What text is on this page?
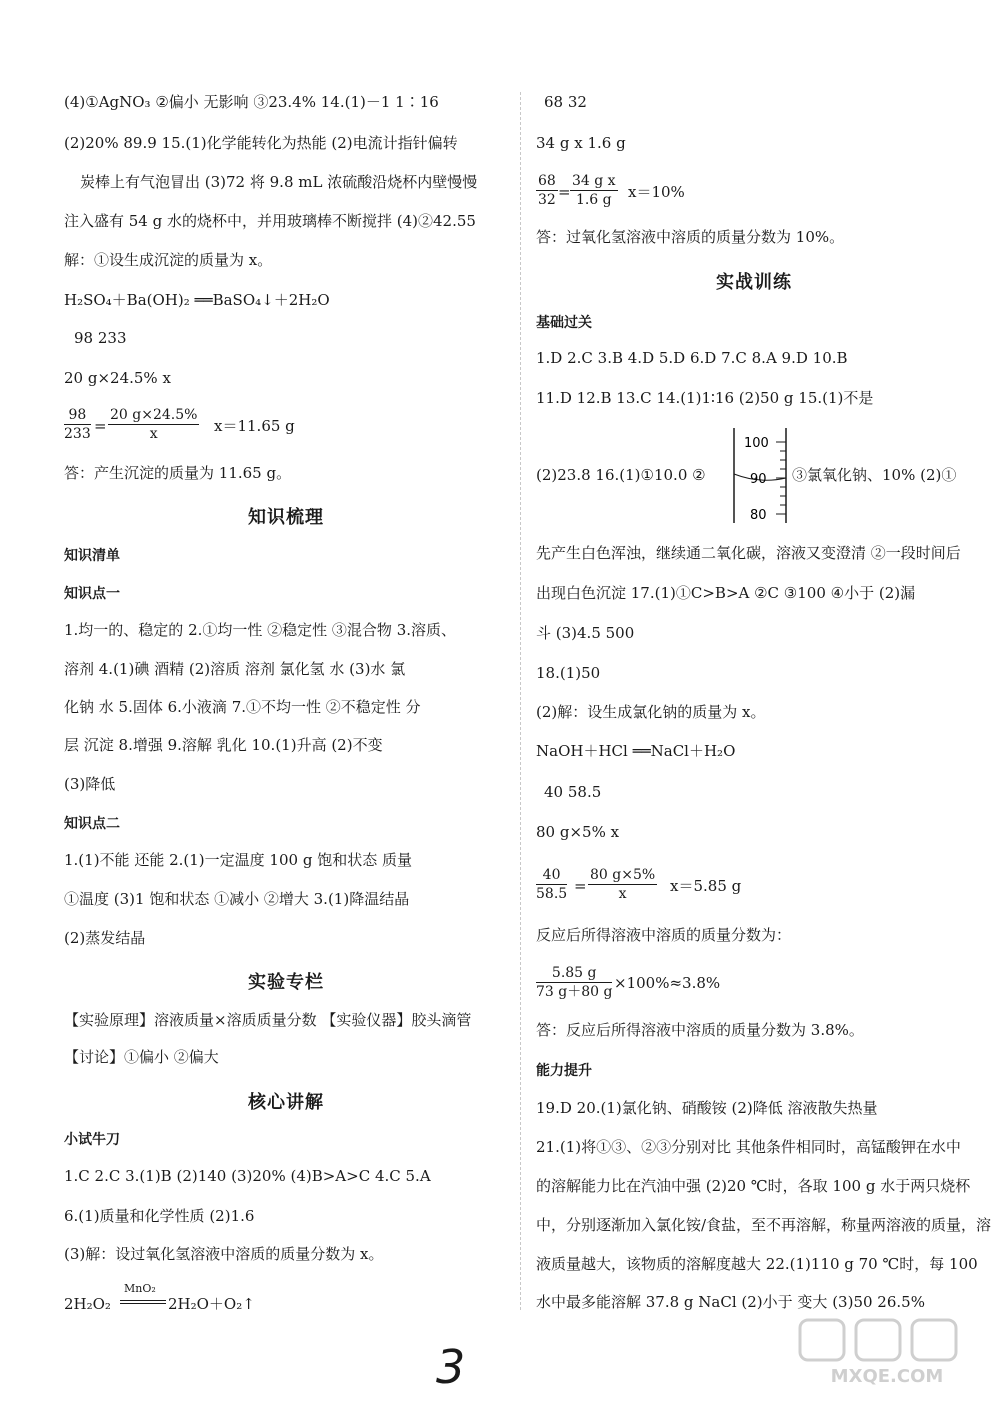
(4)①AgNO₃ ②偏小 无影响 ③23.4% 14.(1)－1 1∶16
(2)20% 89.9 15.(1)化学能转化为热能 (2)电流计指针偏转
炭棒上有气泡冒出 (3)72 将 9.8 mL 浓硫酸沿烧杯内壁慢慢
注入盛有 54 g 水的烧杯中，并用玻璃棒不断搅拌 (4)②42.55
解：①设生成沉淀的质量为 x。
H₂SO₄＋Ba(OH)₂ ══BaSO₄↓＋2H₂O
98 233
20 g×24.5% x
$\frac{98}{233} = \frac{20 g\times 24.5\%}{x} x=11.65$ g
答：产生沉淀的质量为 11.65 g。
知识梳理
知识清单
知识点一
1.均一的、稳定的 2.①均一性 ②稳定性 ③混合物 3.溶质、
溶剂 4.(1)碘 酒精 (2)溶质 溶剂 氯化氢 水 (3)水 氯
化钠 水 5.固体 6.小液滴 7.①不均一性 ②不稳定性 分
层 沉淀 8.增强 9.溶解 乳化 10.(1)升高 (2)不变
(3)降低
知识点二
1.(1)不能 还能 2.(1)一定温度 100 g 饱和状态 质量
①温度 (3)1 饱和状态 ①减小 ②增大 3.(1)降温结晶
(2)蒸发结晶
实验专栏
【实验原理】溶液质量×溶质质量分数 【实验仪器】胶头滴管
【讨论】①偏小 ②偏大
核心讲解
小试牛刀
1.C 2.C 3.(1)B (2)140 (3)20% (4)B>A>C 4.C 5.A
6.(1)质量和化学性质 (2)1.6
(3)解：设过氧化氢溶液中溶质的质量分数为 x。
2H₂O₂
MnO₂
2H₂O＋O₂↑
68 32
34 g x 1.6 g
$\frac{68}{32} = \frac{\text{34 g x}}{1.6 g} x=10\%$
答：过氧化氢溶液中溶质的质量分数为 10%。
实战训练
基础过关
1.D 2.C 3.B 4.D 5.D 6.D 7.C 8.A 9.D 10.B
11.D 12.B 13.C 14.(1)1∶16 (2)50 g 15.(1)不是
(2)23.8 16.(1)①10.0 ②	③氯氧化钠、10% (2)①
先产生白色浑浊，继续通二氧化碳，溶液又变澄清 ②一段时间后
出现白色沉淀 17.(1)①C>B>A ②C ③100 ④小于 (2)漏
斗 (3)4.5 500
18.(1)50
(2)解：设生成氯化钠的质量为 x。
NaOH＋HCl ══NaCl＋H₂O
40 58.5
80 g×5% x
$\frac{40}{58.5} = \frac{80 g\times 5\%}{x} x=5.85$ g
反应后所得溶液中溶质的质量分数为：
$\frac{5.85 g}{73 g+80 g} \times 100\%\approx 3.8\%$
答：反应后所得溶液中溶质的质量分数为 3.8%。
能力提升
19.D 20.(1)氯化钠、硝酸铵 (2)降低 溶液散失热量
21.(1)将①③、②③分别对比 其他条件相同时，高锰酸钾在水中
的溶解能力比在汽油中强 (2)20 ℃时，各取 100 g 水于两只烧杯
中，分别逐渐加入氯化铵/食盐，至不再溶解，称量两溶液的质量，溶
液质量越大，该物质的溶解度越大 22.(1)110 g 70 ℃时，每 100
水中最多能溶解 37.8 g NaCl (2)小于 变大 (3)50 26.5%
100
90
80
3	MXQE.COM
